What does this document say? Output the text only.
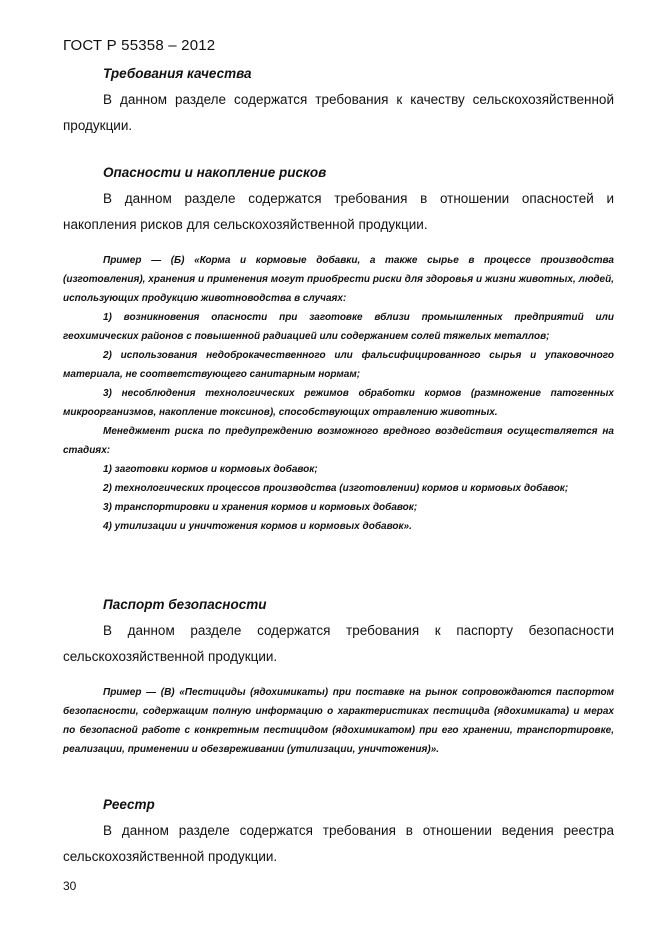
ГОСТ Р 55358 – 2012
Требования качества

В данном разделе содержатся требования к качеству сельскохозяйственной продукции.

Опасности и накопление рисков

В данном разделе содержатся требования в отношении опасностей и накопления рисков для сельскохозяйственной продукции.

Пример — (Б) «Корма и кормовые добавки, а также сырье в процессе производства (изготовления), хранения и применения могут приобрести риски для здоровья и жизни животных, людей, использующих продукцию животноводства в случаях:

1) возникновения опасности при заготовке вблизи промышленных предприятий или геохимических районов с повышенной радиацией или содержанием солей тяжелых металлов;

2) использования недоброкачественного или фальсифицированного сырья и упаковочного материала, не соответствующего санитарным нормам;

3) несоблюдения технологических режимов обработки кормов (размножение патогенных микроорганизмов, накопление токсинов), способствующих отравлению животных.

Менеджмент риска по предупреждению возможного вредного воздействия осуществляется на стадиях:

1) заготовки кормов и кормовых добавок;

2) технологических процессов производства (изготовлении) кормов и кормовых добавок;

3) транспортировки и хранения кормов и кормовых добавок;

4) утилизации и уничтожения кормов и кормовых добавок».

Паспорт безопасности

В данном разделе содержатся требования к паспорту безопасности сельскохозяйственной продукции.

Пример — (В) «Пестициды (ядохимикаты) при поставке на рынок сопровождаются паспортом безопасности, содержащим полную информацию о характеристиках пестицида (ядохимиката) и мерах по безопасной работе с конкретным пестицидом (ядохимикатом) при его хранении, транспортировке, реализации, применении и обезвреживании (утилизации, уничтожения)».

Реестр

В данном разделе содержатся требования в отношении ведения реестра сельскохозяйственной продукции.

30
